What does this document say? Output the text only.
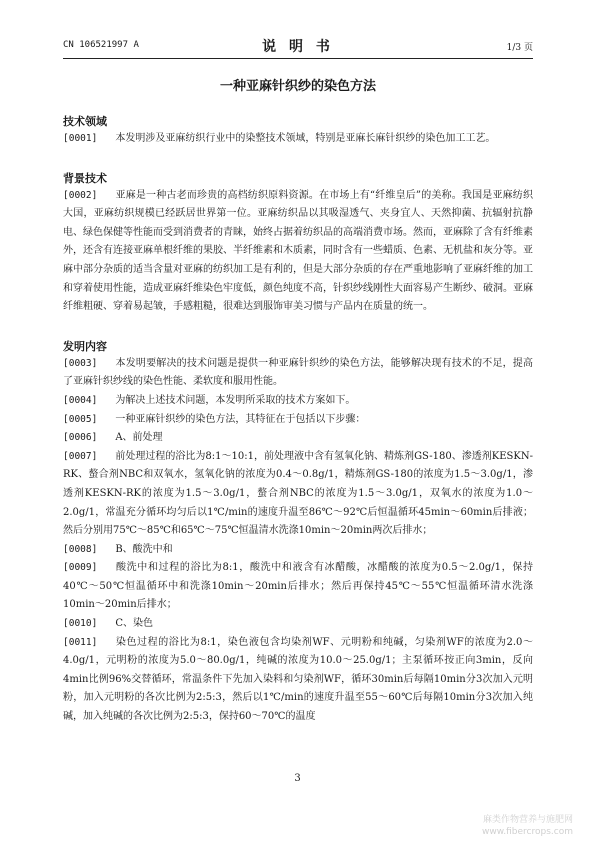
CN 106521997 A	说 明 书	1/3 页
一种亚麻针织纱的染色方法
技术领域

[0001] 本发明涉及亚麻纺织行业中的染整技术领域，特别是亚麻长麻针织纱的染色加工工艺。

背景技术

[0002] 亚麻是一种古老而珍贵的高档纺织原料资源。在市场上有“纤维皇后”的美称。我国是亚麻纺织大国，亚麻纺织规模已经跃居世界第一位。亚麻纺织品以其吸湿透气、夹身宜人、天然抑菌、抗辐射抗静电、绿色保健等性能而受到消费者的青睐，始终占据着纺织品的高端消费市场。然而，亚麻除了含有纤维素外，还含有连接亚麻单根纤维的果胶、半纤维素和木质素，同时含有一些蜡质、色素、无机盐和灰分等。亚麻中部分杂质的适当含量对亚麻的纺织加工是有利的，但是大部分杂质的存在严重地影响了亚麻纤维的加工和穿着使用性能，造成亚麻纤维染色牢度低，颜色纯度不高，针织纱线刚性大面容易产生断纱、破洞。亚麻纤维粗硬、穿着易起皱，手感粗糙，很难达到服饰审美习惯与产品内在质量的统一。

发明内容

[0003] 本发明要解决的技术问题是提供一种亚麻针织纱的染色方法，能够解决现有技术的不足，提高了亚麻针织纱线的染色性能、柔软度和服用性能。

[0004] 为解决上述技术问题，本发明所采取的技术方案如下。

[0005] 一种亚麻针织纱的染色方法，其特征在于包括以下步骤：

[0006] A、前处理

[0007] 前处理过程的浴比为8:1～10:1，前处理液中含有氢氧化钠、精炼剂GS-180、渗透剂KESKN-RK、螯合剂NBC和双氧水，氢氧化钠的浓度为0.4～0.8g/1，精炼剂GS-180的浓度为1.5～3.0g/1，渗透剂KESKN-RK的浓度为1.5～3.0g/1，螯合剂NBC的浓度为1.5～3.0g/1，双氧水的浓度为1.0～2.0g/1，常温充分循环均匀后以1℃/min的速度升温至86℃～92℃后恒温循环45min～60min后排液；然后分别用75℃～85℃和65℃～75℃恒温清水洗涤10min～20min两次后排水；

[0008] B、酸洗中和

[0009] 酸洗中和过程的浴比为8:1，酸洗中和液含有冰醋酸，冰醋酸的浓度为0.5～2.0g/1，保持40℃～50℃恒温循环中和洗涤10min～20min后排水；然后再保持45℃～55℃恒温循环清水洗涤10min～20min后排水；

[0010] C、染色

[0011] 染色过程的浴比为8:1，染色液包含均染剂WF、元明粉和纯碱，匀染剂WF的浓度为2.0～4.0g/1，元明粉的浓度为5.0～80.0g/1，纯碱的浓度为10.0～25.0g/1；主泵循环按正向3min，反向4min比例96%交替循环，常温条件下先加入染料和匀染剂WF，循环30min后每隔10min分3次加入元明粉，加入元明粉的各次比例为2:5:3，然后以1℃/min的速度升温至55～60℃后每隔10min分3次加入纯碱，加入纯碱的各次比例为2:5:3，保持60～70℃的温度

3
麻类作物营养与施肥网
www.fibercrops.com
